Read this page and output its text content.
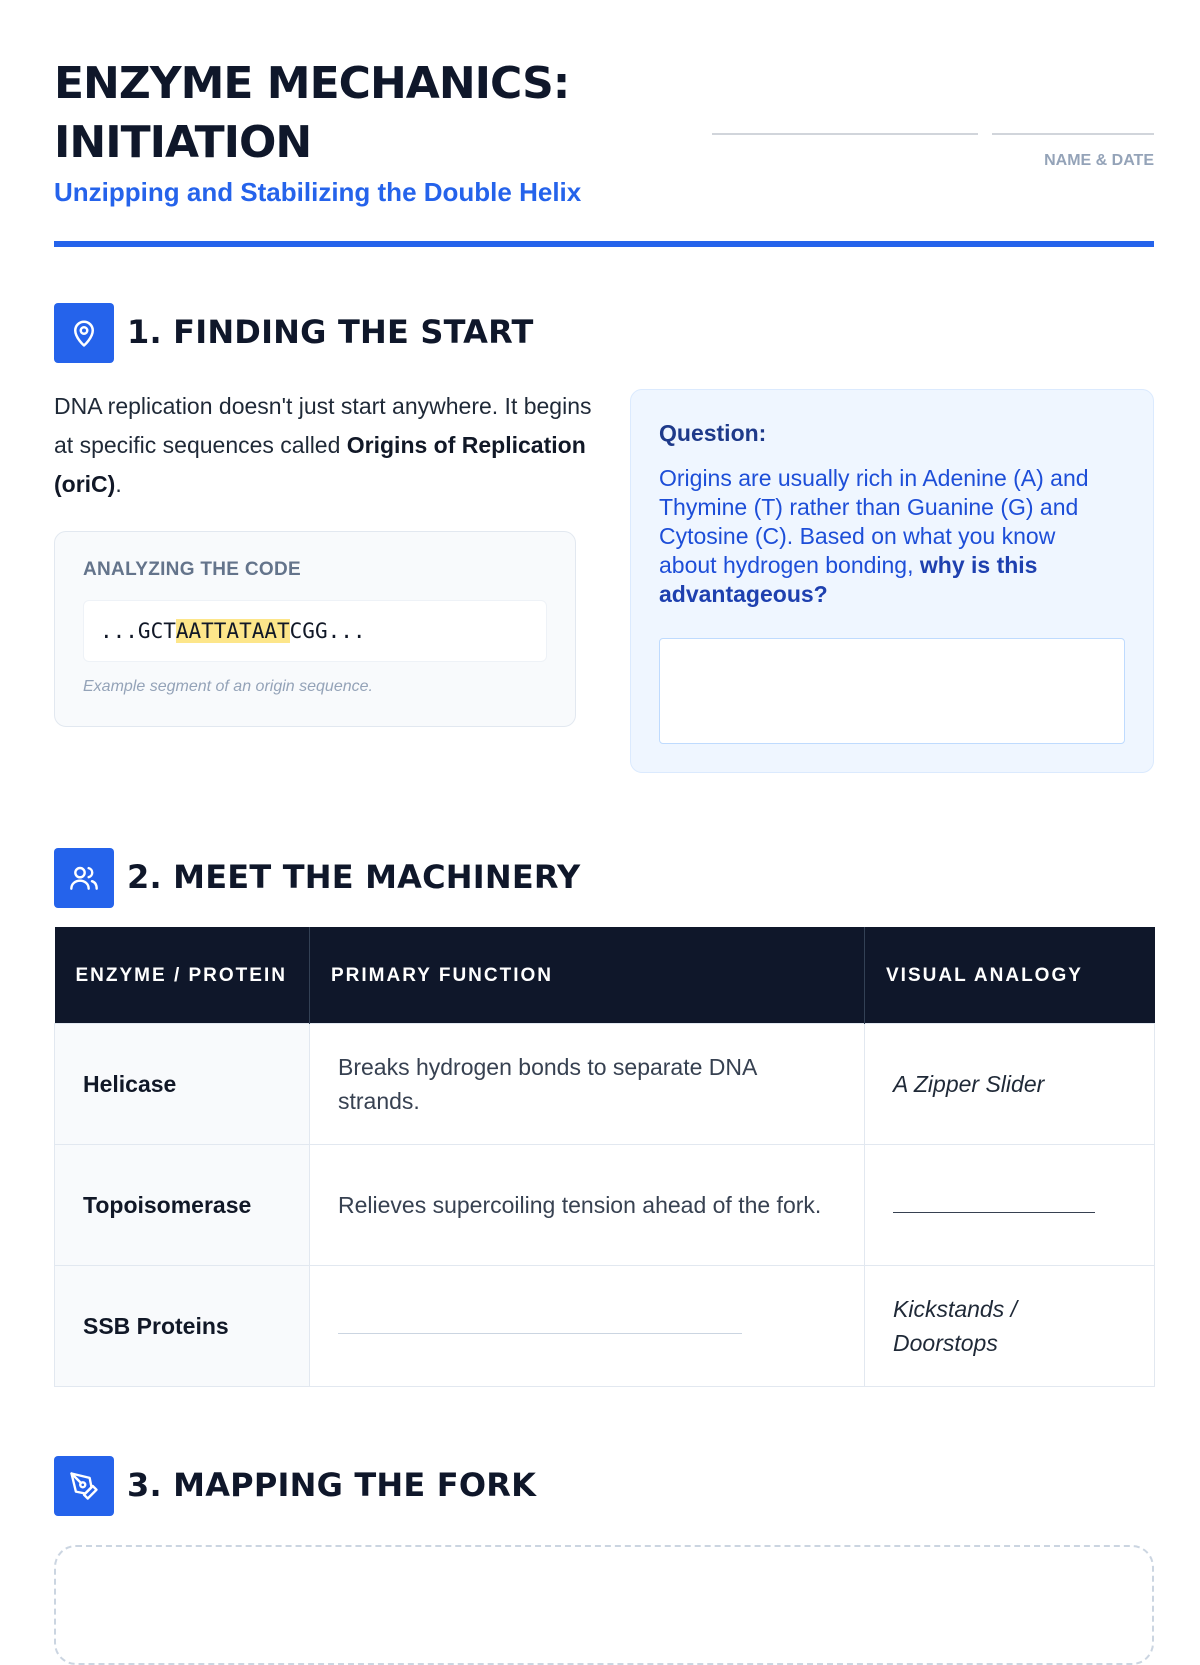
ENZYME MECHANICS:
INITIATION
Unzipping and Stabilizing the Double Helix
NAME & DATE
1. FINDING THE START
DNA replication doesn't just start anywhere. It begins at specific sequences called Origins of Replication (oriC).
ANALYZING THE CODE
...GCTAATTATAATCGG...
Example segment of an origin sequence.
Question:
Origins are usually rich in Adenine (A) and Thymine (T) rather than Guanine (G) and Cytosine (C). Based on what you know about hydrogen bonding, why is this advantageous?
2. MEET THE MACHINERY
ENZYME / PROTEIN	PRIMARY FUNCTION	VISUAL ANALOGY
Helicase	Breaks hydrogen bonds to separate DNA strands.	A Zipper Slider
Topoisomerase	Relieves supercoiling tension ahead of the fork.	
SSB Proteins		Kickstands / Doorstops
3. MAPPING THE FORK
